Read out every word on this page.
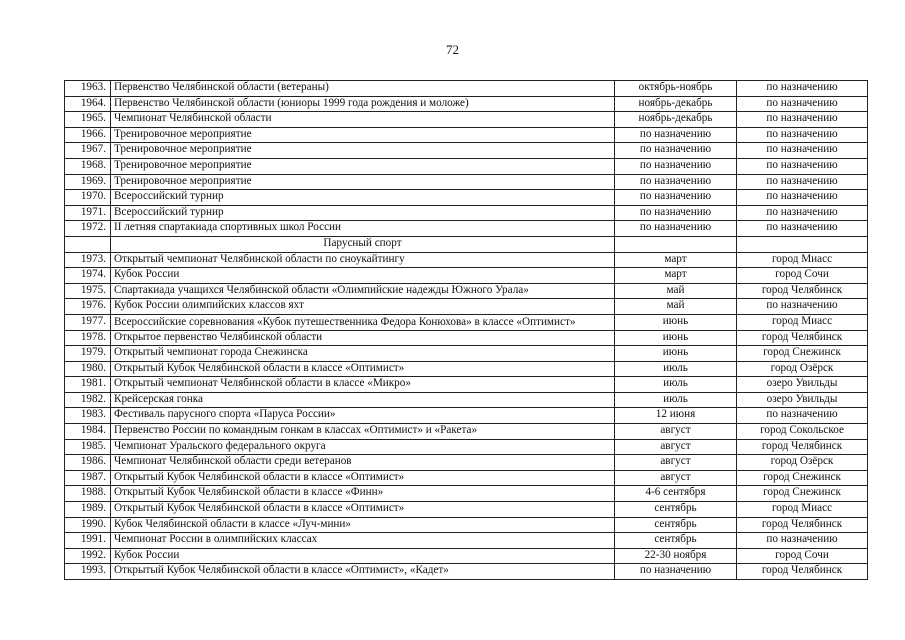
72
1963.	Первенство Челябинской области (ветераны)	октябрь-ноябрь	по назначению
1964.	Первенство Челябинской области (юниоры 1999 года рождения и моложе)	ноябрь-декабрь	по назначению
1965.	Чемпионат Челябинской области	ноябрь-декабрь	по назначению
1966.	Тренировочное мероприятие	по назначению	по назначению
1967.	Тренировочное мероприятие	по назначению	по назначению
1968.	Тренировочное мероприятие	по назначению	по назначению
1969.	Тренировочное мероприятие	по назначению	по назначению
1970.	Всероссийский турнир	по назначению	по назначению
1971.	Всероссийский турнир	по назначению	по назначению
1972.	II летняя спартакиада спортивных школ России	по назначению	по назначению
	Парусный спорт		
1973.	Открытый чемпионат Челябинской области по сноукайтингу	март	город Миасс
1974.	Кубок России	март	город Сочи
1975.	Спартакиада учащихся Челябинской области «Олимпийские надежды Южного Урала»	май	город Челябинск
1976.	Кубок России олимпийских классов яхт	май	по назначению
1977.	Всероссийские соревнования «Кубок путешественника Федора Конюхова» в классе «Оптимист»	июнь	город Миасс
1978.	Открытое первенство Челябинской области	июнь	город Челябинск
1979.	Открытый чемпионат города Снежинска	июнь	город Снежинск
1980.	Открытый Кубок Челябинской области в классе «Оптимист»	июль	город Озёрск
1981.	Открытый чемпионат Челябинской области в классе «Микро»	июль	озеро Увильды
1982.	Крейсерская гонка	июль	озеро Увильды
1983.	Фестиваль парусного спорта «Паруса России»	12 июня	по назначению
1984.	Первенство России по командным гонкам в классах «Оптимист» и «Ракета»	август	город Сокольское
1985.	Чемпионат Уральского федерального округа	август	город Челябинск
1986.	Чемпионат Челябинской области среди ветеранов	август	город Озёрск
1987.	Открытый Кубок Челябинской области в классе «Оптимист»	август	город Снежинск
1988.	Открытый Кубок Челябинской области в классе «Финн»	4-6 сентября	город Снежинск
1989.	Открытый Кубок Челябинской области в классе «Оптимист»	сентябрь	город Миасс
1990.	Кубок Челябинской области в классе «Луч-мини»	сентябрь	город Челябинск
1991.	Чемпионат России в олимпийских классах	сентябрь	по назначению
1992.	Кубок России	22-30 ноября	город Сочи
1993.	Открытый Кубок Челябинской области в классе «Оптимист», «Кадет»	по назначению	город Челябинск
